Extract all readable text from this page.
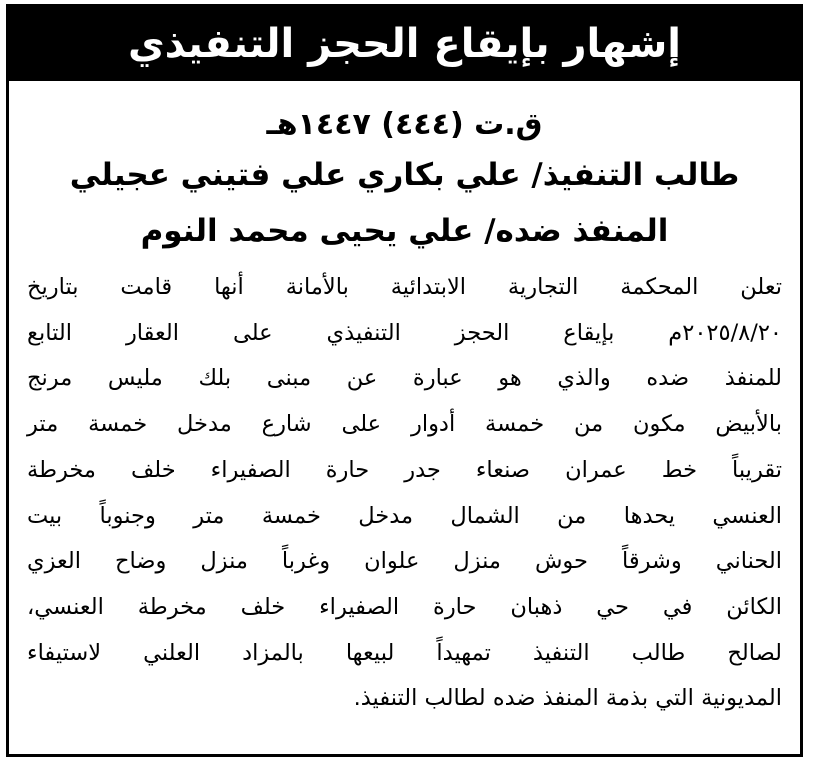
إشهار بإيقاع الحجز التنفيذي
ق.ت (٤٤٤) ١٤٤٧هـ
طالب التنفيذ/ علي بكاري علي فتيني عجيلي
المنفذ ضده/ علي يحيى محمد النوم
تعلن المحكمة التجارية الابتدائية بالأمانة أنها قامت بتاريخ
٢٠٢٥/٨/٢٠م بإيقاع الحجز التنفيذي على العقار التابع
للمنفذ ضده والذي هو عبارة عن مبنى بلك مليس مرنج
بالأبيض مكون من خمسة أدوار على شارع مدخل خمسة متر
تقريباً خط عمران صنعاء جدر حارة الصفيراء خلف مخرطة
العنسي يحدها من الشمال مدخل خمسة متر وجنوباً بيت
الحناني وشرقاً حوش منزل علوان وغرباً منزل وضاح العزي
الكائن في حي ذهبان حارة الصفيراء خلف مخرطة العنسي،
لصالح طالب التنفيذ تمهيداً لبيعها بالمزاد العلني لاستيفاء
المديونية التي بذمة المنفذ ضده لطالب التنفيذ.
